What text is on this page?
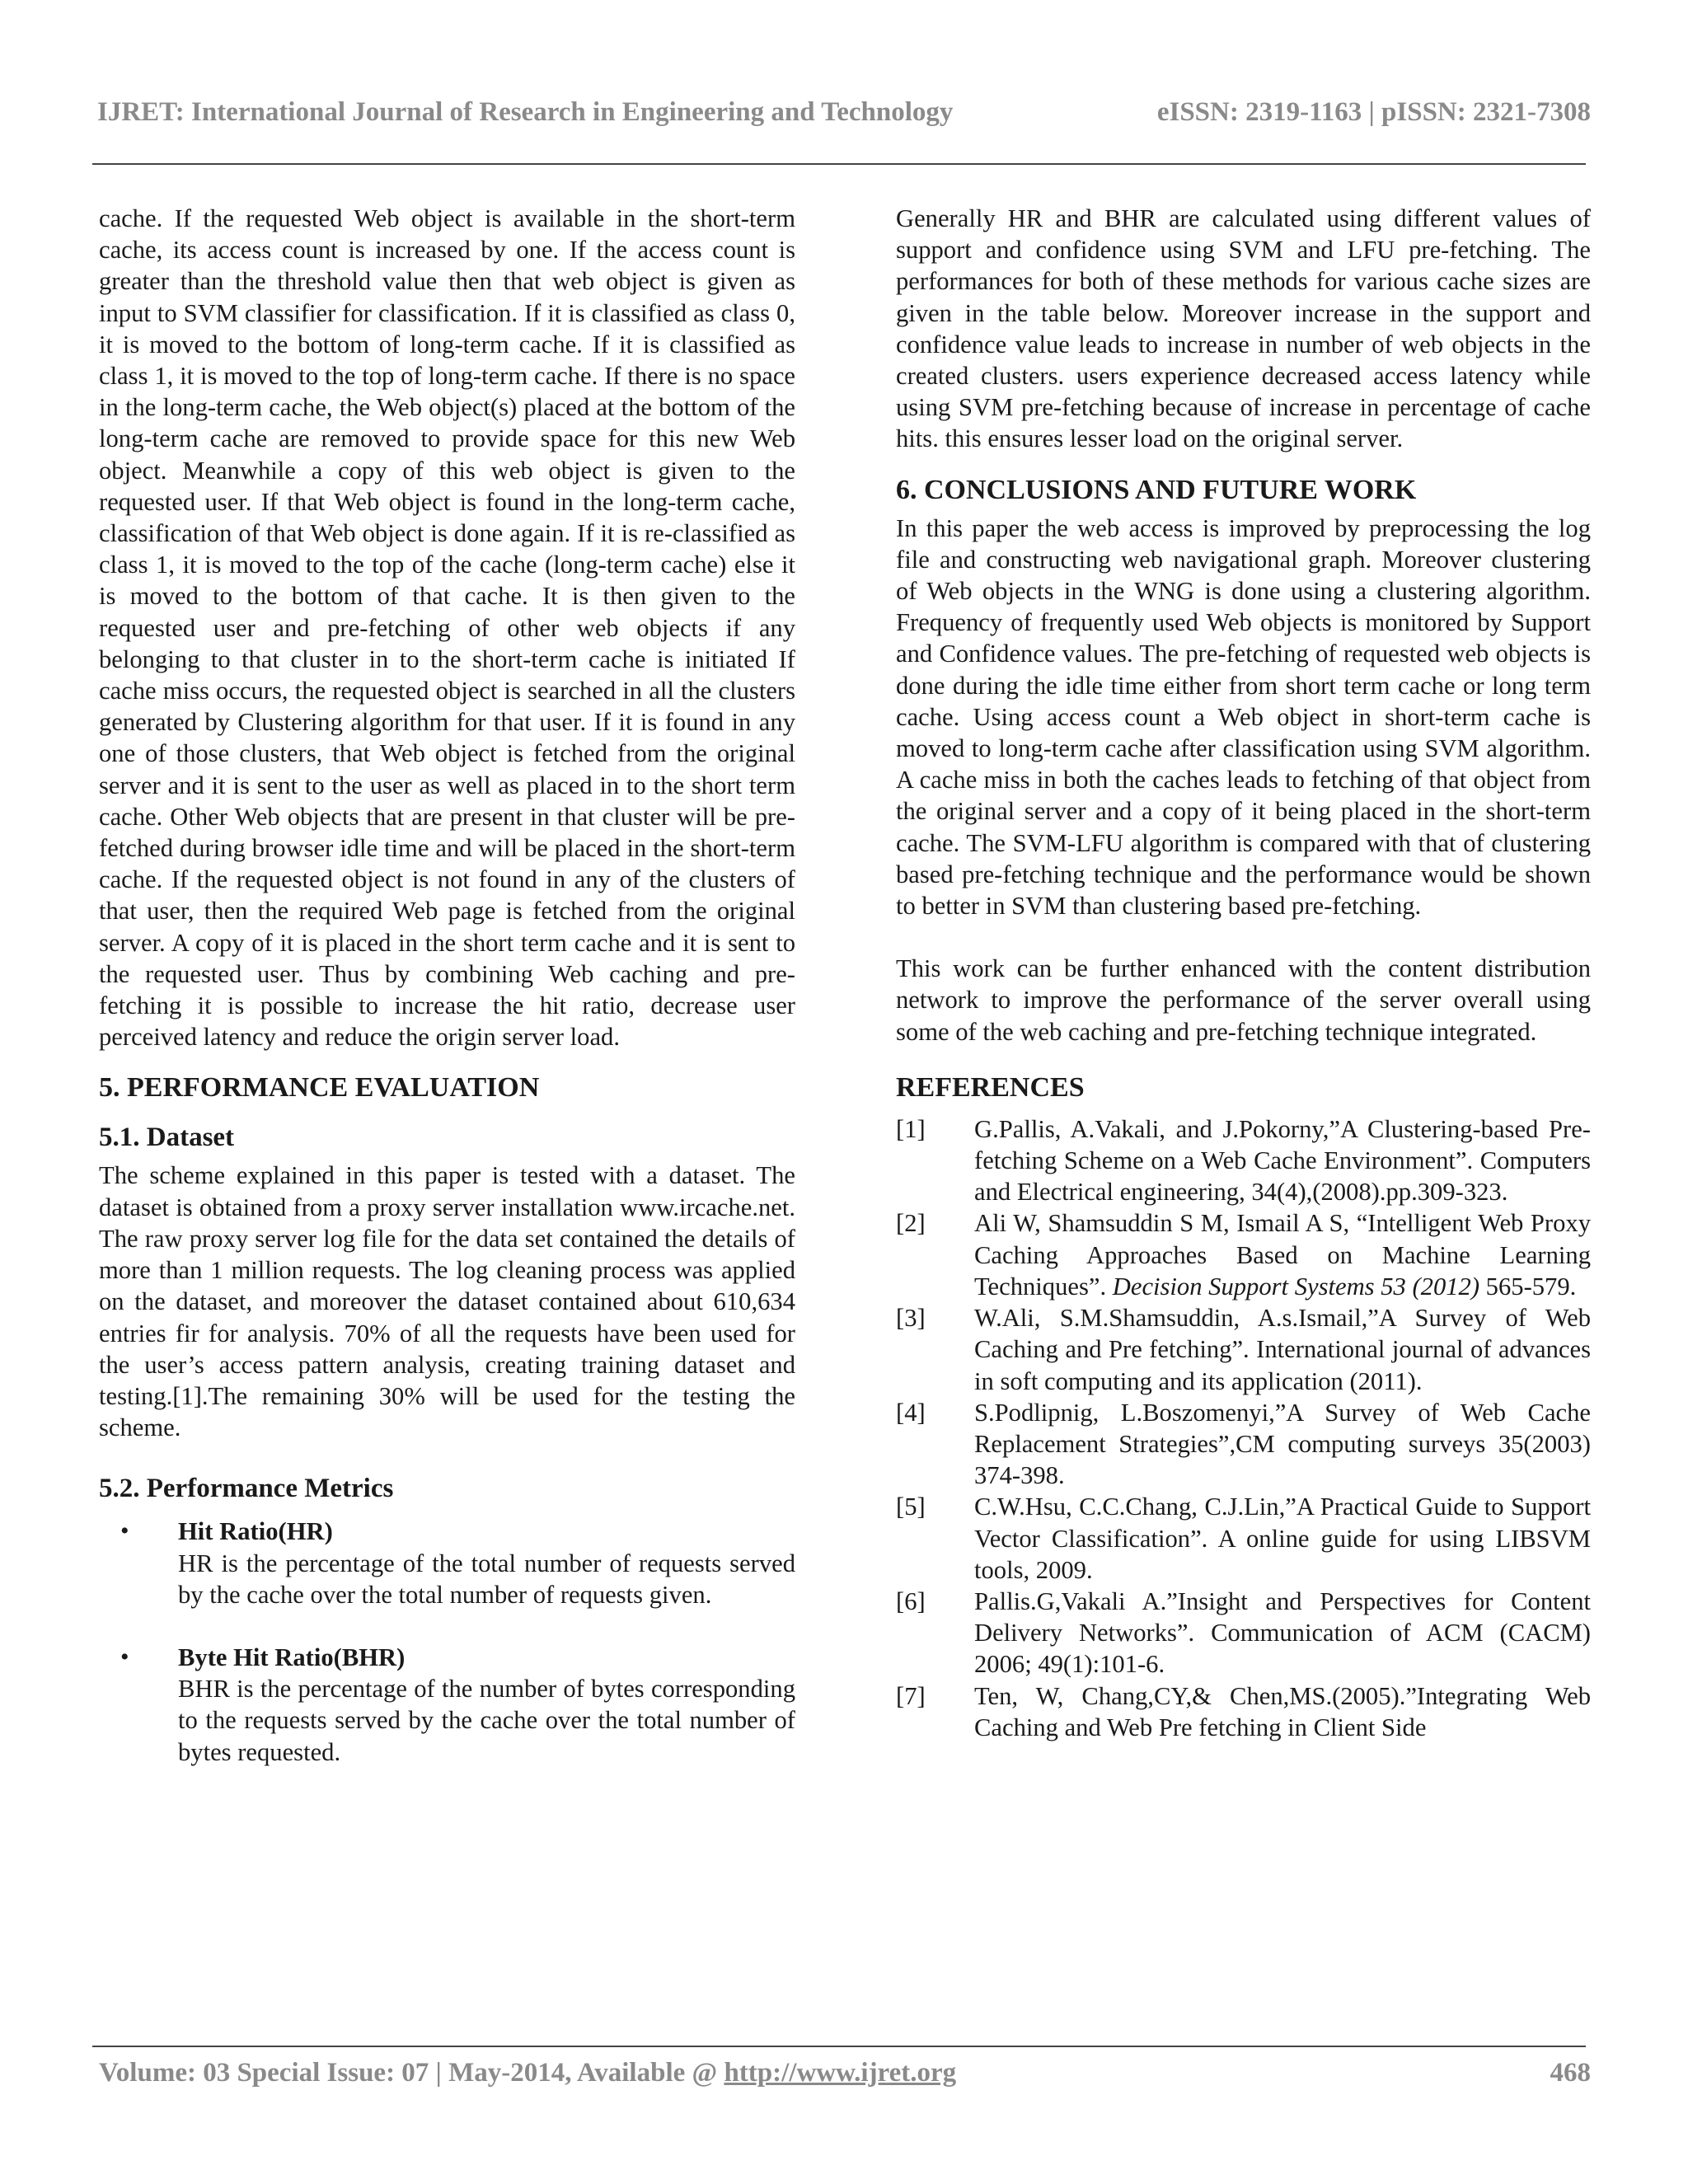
IJRET: International Journal of Research in Engineering and Technology	eISSN: 2319-1163 | pISSN: 2321-7308

cache. If the requested Web object is available in the short-term cache, its access count is increased by one. If the access count is greater than the threshold value then that web object is given as input to SVM classifier for classification. If it is classified as class 0, it is moved to the bottom of long-term cache. If it is classified as class 1, it is moved to the top of long-term cache. If there is no space in the long-term cache, the Web object(s) placed at the bottom of the long-term cache are removed to provide space for this new Web object. Meanwhile a copy of this web object is given to the requested user. If that Web object is found in the long-term cache, classification of that Web object is done again. If it is re-classified as class 1, it is moved to the top of the cache (long-term cache) else it is moved to the bottom of that cache. It is then given to the requested user and pre-fetching of other web objects if any belonging to that cluster in to the short-term cache is initiated If cache miss occurs, the requested object is searched in all the clusters generated by Clustering algorithm for that user. If it is found in any one of those clusters, that Web object is fetched from the original server and it is sent to the user as well as placed in to the short term cache. Other Web objects that are present in that cluster will be pre-fetched during browser idle time and will be placed in the short-term cache. If the requested object is not found in any of the clusters of that user, then the required Web page is fetched from the original server. A copy of it is placed in the short term cache and it is sent to the requested user. Thus by combining Web caching and pre-fetching it is possible to increase the hit ratio, decrease user perceived latency and reduce the origin server load.

5. PERFORMANCE EVALUATION
5.1. Dataset

The scheme explained in this paper is tested with a dataset. The dataset is obtained from a proxy server installation www.ircache.net. The raw proxy server log file for the data set contained the details of more than 1 million requests. The log cleaning process was applied on the dataset, and moreover the dataset contained about 610,634 entries fir for analysis. 70% of all the requests have been used for the user’s access pattern analysis, creating training dataset and testing.[1].The remaining 30% will be used for the testing the scheme.

5.2. Performance Metrics
• Hit Ratio(HR)
HR is the percentage of the total number of requests served by the cache over the total number of requests given.
• Byte Hit Ratio(BHR)
BHR is the percentage of the number of bytes corresponding to the requests served by the cache over the total number of bytes requested.

Generally HR and BHR are calculated using different values of support and confidence using SVM and LFU pre-fetching. The performances for both of these methods for various cache sizes are given in the table below. Moreover increase in the support and confidence value leads to increase in number of web objects in the created clusters. users experience decreased access latency while using SVM pre-fetching because of increase in percentage of cache hits. this ensures lesser load on the original server.

6. CONCLUSIONS AND FUTURE WORK

In this paper the web access is improved by preprocessing the log file and constructing web navigational graph. Moreover clustering of Web objects in the WNG is done using a clustering algorithm. Frequency of frequently used Web objects is monitored by Support and Confidence values. The pre-fetching of requested web objects is done during the idle time either from short term cache or long term cache. Using access count a Web object in short-term cache is moved to long-term cache after classification using SVM algorithm. A cache miss in both the caches leads to fetching of that object from the original server and a copy of it being placed in the short-term cache. The SVM-LFU algorithm is compared with that of clustering based pre-fetching technique and the performance would be shown to better in SVM than clustering based pre-fetching.

This work can be further enhanced with the content distribution network to improve the performance of the server overall using some of the web caching and pre-fetching technique integrated.

REFERENCES
[1] G.Pallis, A.Vakali, and J.Pokorny,”A Clustering-based Pre-fetching Scheme on a Web Cache Environment”. Computers and Electrical engineering, 34(4),(2008).pp.309-323.
[2] Ali W, Shamsuddin S M, Ismail A S, “Intelligent Web Proxy Caching Approaches Based on Machine Learning Techniques”. Decision Support Systems 53 (2012) 565-579.
[3] W.Ali, S.M.Shamsuddin, A.s.Ismail,”A Survey of Web Caching and Pre fetching”. International journal of advances in soft computing and its application (2011).
[4] S.Podlipnig, L.Boszomenyi,”A Survey of Web Cache Replacement Strategies”,CM computing surveys 35(2003) 374-398.
[5] C.W.Hsu, C.C.Chang, C.J.Lin,”A Practical Guide to Support Vector Classification”. A online guide for using LIBSVM tools, 2009.
[6] Pallis.G,Vakali A.”Insight and Perspectives for Content Delivery Networks”. Communication of ACM (CACM) 2006; 49(1):101-6.
[7] Ten, W, Chang,CY,& Chen,MS.(2005).”Integrating Web Caching and Web Pre fetching in Client Side
Volume: 03 Special Issue: 07 | May-2014, Available @ http://www.ijret.org	468
